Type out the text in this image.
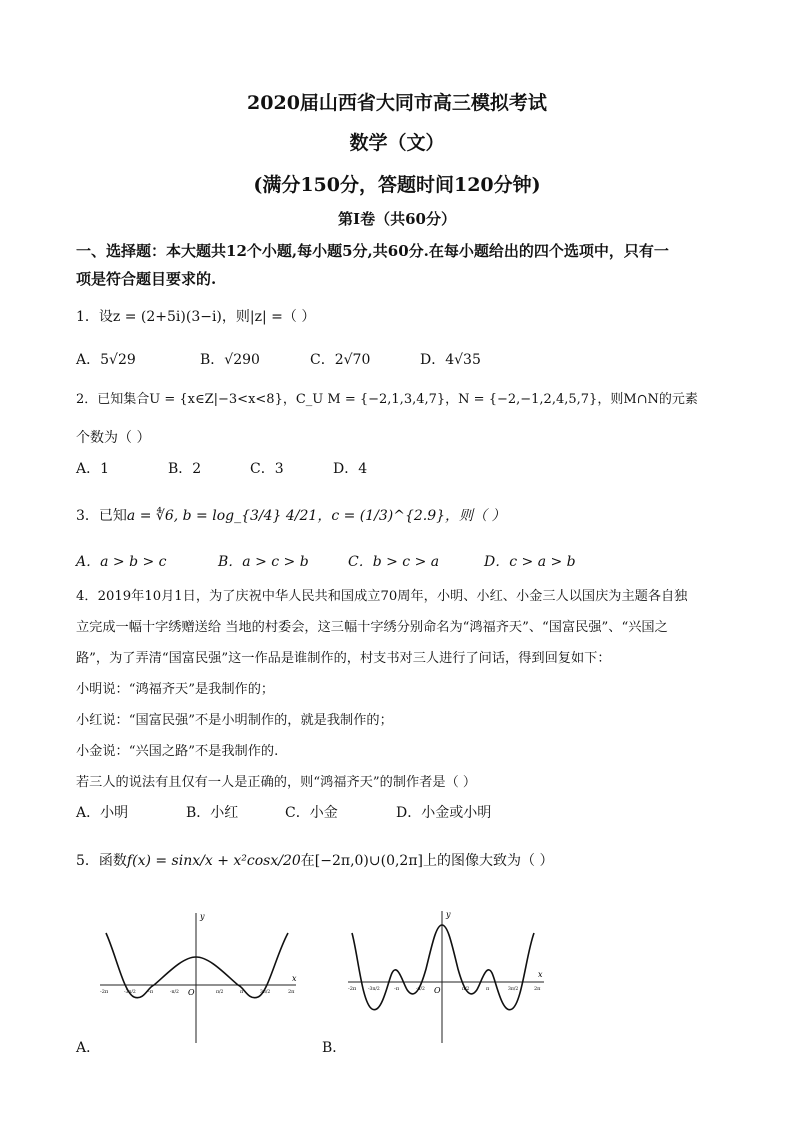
2020届山西省大同市高三模拟考试
数学（文）
(满分150分，答题时间120分钟)
第Ⅰ卷（共60分）
一、选择题：本大题共12个小题,每小题5分,共60分.在每小题给出的四个选项中，只有一
项是符合题目要求的.
1．设z = (2+5i)(3−i)，则|z| =（ ）
A．5√29	B．√290	C．2√70	D．4√35
2．已知集合U = {x∈Z|−3<x<8}，C_U M = {−2,1,3,4,7}，N = {−2,−1,2,4,5,7}，则M∩N的元素
个数为（ ）
A．1	B．2	C．3	D．4
3．已知a = ∜6, b = log_{3/4} 4/21，c = (1/3)^{2.9}，则（ ）
A．a > b > c	B．a > c > b	C．b > c > a	D．c > a > b
4．2019年10月1日，为了庆祝中华人民共和国成立70周年，小明、小红、小金三人以国庆为主题各自独
立完成一幅十字绣赠送给 当地的村委会，这三幅十字绣分别命名为“鸿福齐天”、“国富民强”、“兴国之
路”，为了弄清“国富民强”这一作品是谁制作的，村支书对三人进行了问话，得到回复如下：
小明说：“鸿福齐天”是我制作的；
小红说：“国富民强”不是小明制作的，就是我制作的；
小金说：“兴国之路”不是我制作的.
若三人的说法有且仅有一人是正确的，则“鸿福齐天”的制作者是（ ）
A．小明	B．小红	C．小金	D．小金或小明
5．函数f(x) = sinx/x + x²cosx/20在[−2π,0)∪(0,2π]上的图像大致为（ ）
x
y
O
-2π	2π
-3π/2 -π	-π/2	π/2	π	3π/2
A．
x
y
O
-2π	2π
-3π/2	-π	-π/2	π/2	π	3π/2
B．
